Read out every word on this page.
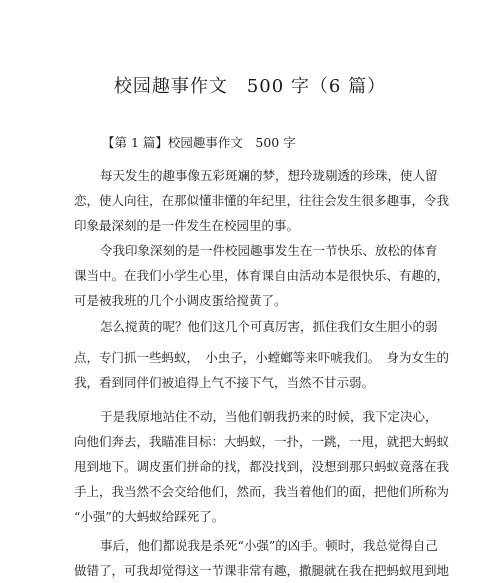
校园趣事作文　500 字（6 篇）
【第 1 篇】校园趣事作文　500 字
每天发生的趣事像五彩斑斓的梦，想玲珑剔透的珍珠，使人留
恋，使人向往，在那似懂非懂的年纪里，往往会发生很多趣事，令我
印象最深刻的是一件发生在校园里的事。
令我印象深刻的是一件校园趣事发生在一节快乐、放松的体育
课当中。在我们小学生心里，体育课自由活动本是很快乐、有趣的，
可是被我班的几个小调皮蛋给搅黄了。
怎么搅黄的呢？他们这几个可真厉害，抓住我们女生胆小的弱
点，专门抓一些蚂蚁，　小虫子，小螳螂等来吓唬我们。　身为女生的
我，看到同伴们被追得上气不接下气，当然不甘示弱。
于是我原地站住不动，当他们朝我扔来的时候，我下定决心，
向他们奔去，我瞄准目标：大蚂蚁，一扑，一跳，一甩，就把大蚂蚁
甩到地下。调皮蛋们拼命的找，都没找到，没想到那只蚂蚁竟落在我
手上，我当然不会交给他们，然而，我当着他们的面，把他们所称为
“小强”的大蚂蚁给踩死了。
事后，他们都说我是杀死“小强”的凶手。顿时，我总觉得自己
做错了，可我却觉得这一节课非常有趣，撒腿就在我在把蚂蚁甩到地
